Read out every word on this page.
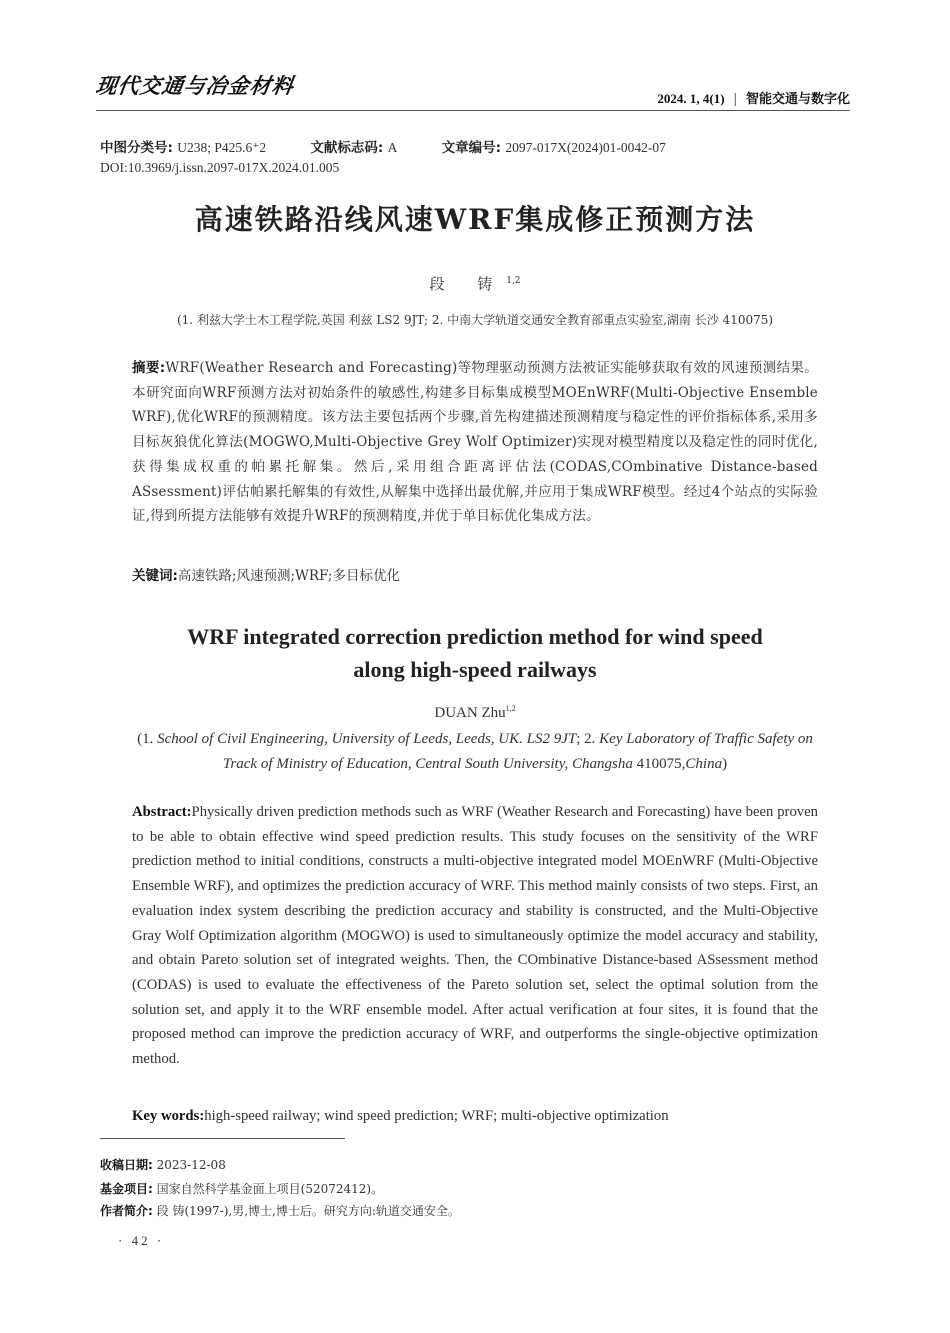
现代交通与冶金材料
2024. 1, 4(1) | 智能交通与数字化
中图分类号: U238; P425.6⁺2	文献标志码: A	文章编号: 2097-017X(2024)01-0042-07
DOI:10.3969/j.issn.2097-017X.2024.01.005
高速铁路沿线风速WRF集成修正预测方法
段 铸$^{1,2}$
(1. 利兹大学土木工程学院,英国 利兹 LS2 9JT; 2. 中南大学轨道交通安全教育部重点实验室,湖南 长沙 410075)
摘要:WRF(Weather Research and Forecasting)等物理驱动预测方法被证实能够获取有效的风速预测结果。本研究面向WRF预测方法对初始条件的敏感性,构建多目标集成模型MOEnWRF(Multi-Objective Ensemble WRF),优化WRF的预测精度。该方法主要包括两个步骤,首先构建描述预测精度与稳定性的评价指标体系,采用多目标灰狼优化算法(MOGWO,Multi-Objective Grey Wolf Optimizer)实现对模型精度以及稳定性的同时优化,获得集成权重的帕累托解集。然后,采用组合距离评估法(CODAS,COmbinative Distance-based ASsessment)评估帕累托解集的有效性,从解集中选择出最优解,并应用于集成WRF模型。经过4个站点的实际验证,得到所提方法能够有效提升WRF的预测精度,并优于单目标优化集成方法。
关键词:高速铁路;风速预测;WRF;多目标优化
WRF integrated correction prediction method for wind speed
along high-speed railways
DUAN Zhu$^{1,2}$
(1. School of Civil Engineering, University of Leeds, Leeds, UK. LS2 9JT; 2. Key Laboratory of Traffic Safety on Track of Ministry of Education, Central South University, Changsha 410075,China)
Abstract:Physically driven prediction methods such as WRF (Weather Research and Forecasting) have been proven to be able to obtain effective wind speed prediction results. This study focuses on the sensitivity of the WRF prediction method to initial conditions, constructs a multi-objective integrated model MOEnWRF (Multi-Objective Ensemble WRF), and optimizes the prediction accuracy of WRF. This method mainly consists of two steps. First, an evaluation index system describing the prediction accuracy and stability is constructed, and the Multi-Objective Gray Wolf Optimization algorithm (MOGWO) is used to simultaneously optimize the model accuracy and stability, and obtain Pareto solution set of integrated weights. Then, the COmbinative Distance-based ASsessment method (CODAS) is used to evaluate the effectiveness of the Pareto solution set, select the optimal solution from the solution set, and apply it to the WRF ensemble model. After actual verification at four sites, it is found that the proposed method can improve the prediction accuracy of WRF, and outperforms the single-objective optimization method.
Key words:high-speed railway; wind speed prediction; WRF; multi-objective optimization
收稿日期: 2023-12-08
基金项目: 国家自然科学基金面上项目(52072412)。
作者简介: 段 铸(1997-),男,博士,博士后。研究方向:轨道交通安全。
· 42 ·
